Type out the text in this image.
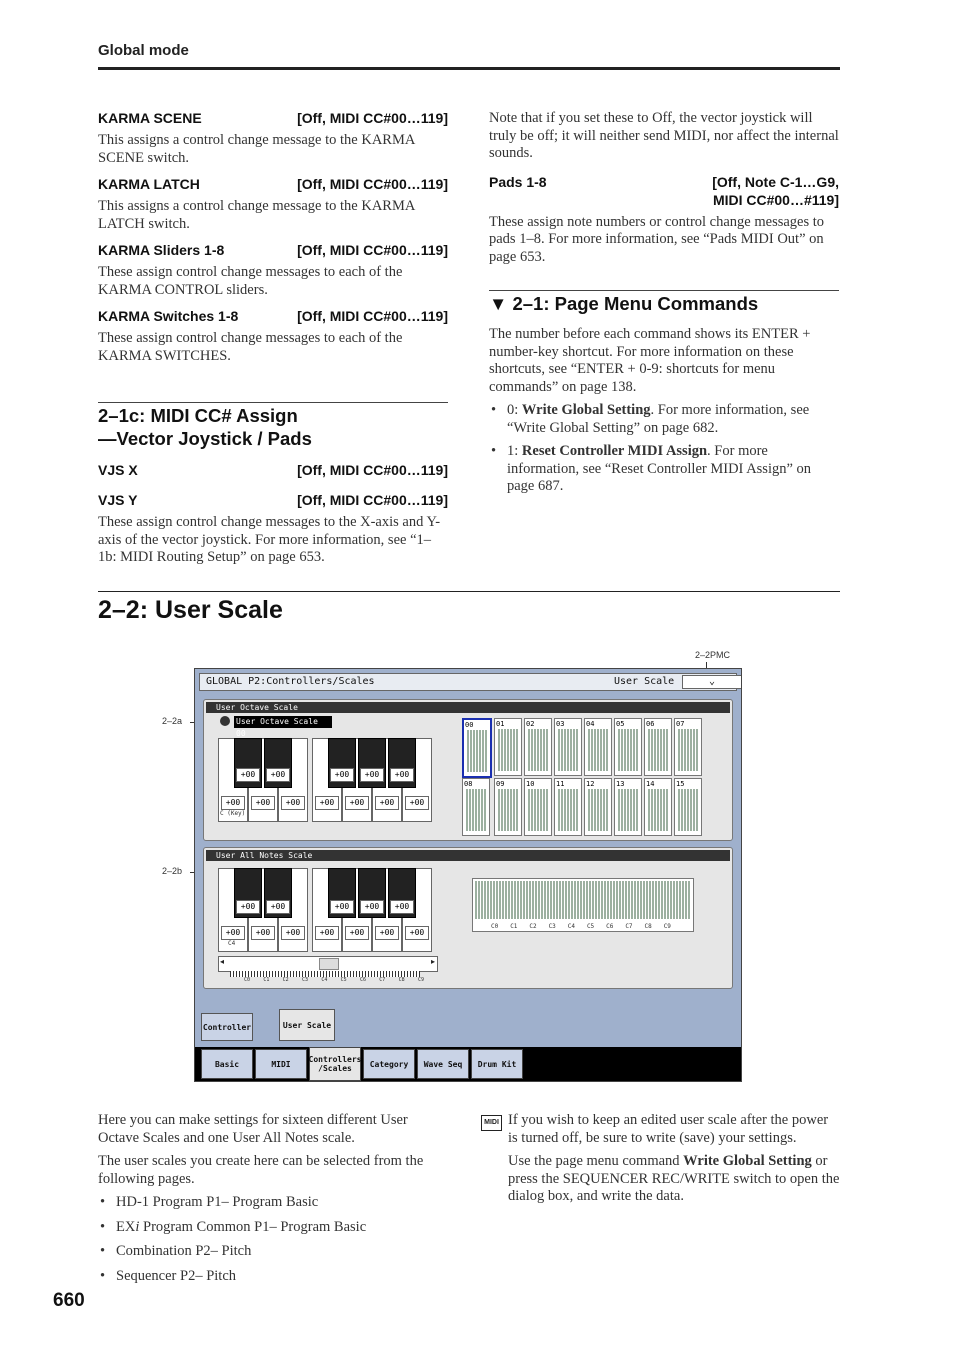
Global mode

KARMA SCENE	[Off, MIDI CC#00…119]

This assigns a control change message to the KARMA SCENE switch.

KARMA LATCH	[Off, MIDI CC#00…119]

This assigns a control change message to the KARMA LATCH switch.

KARMA Sliders 1-8	[Off, MIDI CC#00…119]

These assign control change messages to each of the KARMA CONTROL sliders.

KARMA Switches 1-8	[Off, MIDI CC#00…119]

These assign control change messages to each of the KARMA SWITCHES.

2–1c: MIDI CC# Assign
—Vector Joystick / Pads

VJS X	[Off, MIDI CC#00…119]

VJS Y	[Off, MIDI CC#00…119]

These assign control change messages to the X-axis and Y-axis of the vector joystick. For more information, see “1–1b: MIDI Routing Setup” on page 653.

Note that if you set these to Off, the vector joystick will truly be off; it will neither send MIDI, nor affect the internal sounds.

Pads 1-8	[Off, Note C-1…G9,
MIDI CC#00…#119]

These assign note numbers or control change messages to pads 1–8. For more information, see “Pads MIDI Out” on page 653.

▼ 2–1: Page Menu Commands

The number before each command shows its ENTER + number-key shortcut. For more information on these shortcuts, see “ENTER + 0-9: shortcuts for menu commands” on page 138.

• 0: Write Global Setting. For more information, see “Write Global Setting” on page 682.
• 1: Reset Controller MIDI Assign. For more information, see “Reset Controller MIDI Assign” on page 687.
2–2: User Scale
2–2PMC
2–2a
2–2b
GLOBAL P2:Controllers/Scales	User Scale	⌄
User Octave Scale
User Octave Scale 00
+00	+00	+00	+00	+00
+00	+00	+00	+00	+00	+00	+00
C (Key)
00	01	02	03	04	05	06	07
08	09	10	11	12	13	14	15
User All Notes Scale
+00	+00	+00	+00	+00
+00	+00	+00	+00	+00	+00	+00
C4
◂	▸
C0	C1	C2	C3	C4	C5	C6	C7	C8	C9
C0 C1 C2 C3 C4 C5 C6 C7 C8 C9
Controller	User Scale
Basic	MIDI	Controllers /Scales	Category	Wave Seq	Drum Kit

Here you can make settings for sixteen different User Octave Scales and one User All Notes scale.

The user scales you create here can be selected from the following pages.

• HD-1 Program P1– Program Basic
• EXi Program Common P1– Program Basic
• Combination P2– Pitch
• Sequencer P2– Pitch
MIDI If you wish to keep an edited user scale after the power is turned off, be sure to write (save) your settings.

Use the page menu command Write Global Setting or press the SEQUENCER REC/WRITE switch to open the dialog box, and write the data.

660
